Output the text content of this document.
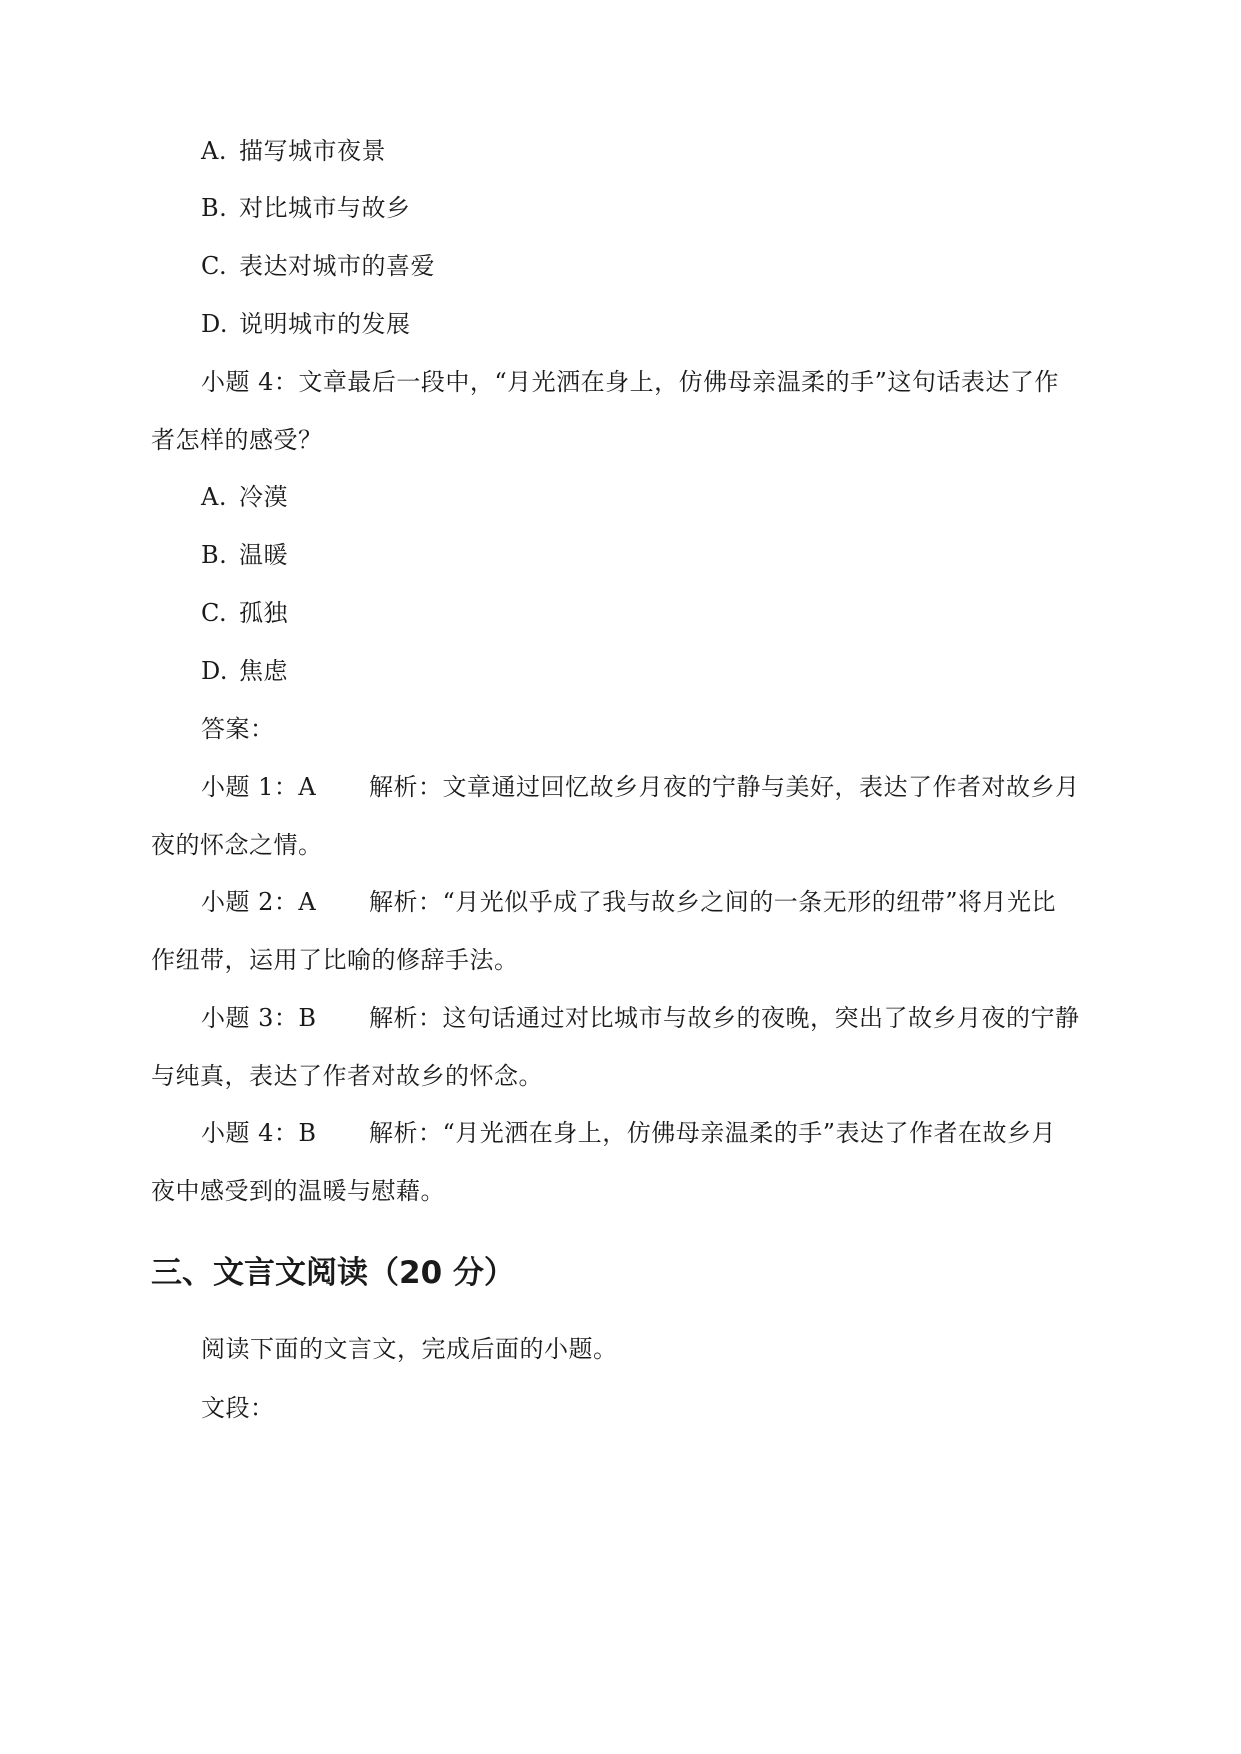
A. 描写城市夜景
B. 对比城市与故乡
C. 表达对城市的喜爱
D. 说明城市的发展
小题 4：文章最后一段中，“月光洒在身上，仿佛母亲温柔的手”这句话表达了作
者怎样的感受？
A. 冷漠
B. 温暖
C. 孤独
D. 焦虑
答案：
小题 1：A 解析：文章通过回忆故乡月夜的宁静与美好，表达了作者对故乡月
夜的怀念之情。
小题 2：A 解析：“月光似乎成了我与故乡之间的一条无形的纽带”将月光比
作纽带，运用了比喻的修辞手法。
小题 3：B 解析：这句话通过对比城市与故乡的夜晚，突出了故乡月夜的宁静
与纯真，表达了作者对故乡的怀念。
小题 4：B 解析：“月光洒在身上，仿佛母亲温柔的手”表达了作者在故乡月
夜中感受到的温暖与慰藉。
三、文言文阅读（20 分）
阅读下面的文言文，完成后面的小题。
文段：
